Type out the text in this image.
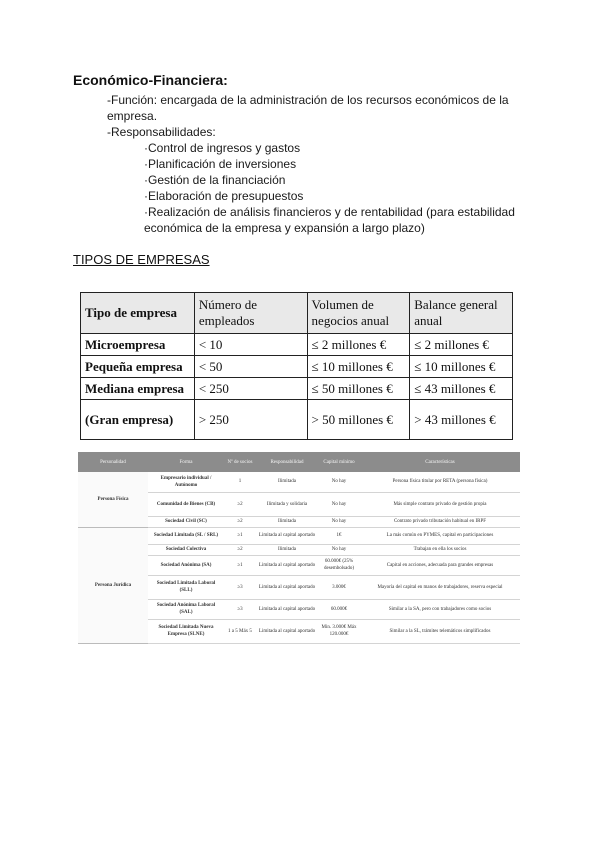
Económico-Financiera:
-Función: encargada de la administración de los recursos económicos de la empresa.
-Responsabilidades:
·Control de ingresos y gastos
·Planificación de inversiones
·Gestión de la financiación
·Elaboración de presupuestos
·Realización de análisis financieros y de rentabilidad (para estabilidad económica de la empresa y expansión a largo plazo)
TIPOS DE EMPRESAS
Tipo de empresa	Número de empleados	Volumen de negocios anual	Balance general anual
Microempresa	< 10	≤ 2 millones €	≤ 2 millones €
Pequeña empresa	< 50	≤ 10 millones €	≤ 10 millones €
Mediana empresa	< 250	≤ 50 millones €	≤ 43 millones €
(Gran empresa)	> 250	> 50 millones €	> 43 millones €
Personalidad	Forma	Nº de socios	Responsabilidad	Capital mínimo	Características
Persona Física	Empresario individual / Autónomo	1	Ilimitada	No hay	Persona física titular por RETA (persona física)
	Comunidad de Bienes (CB)	≥2	Ilimitada y solidaria	No hay	Más simple contrato privado de gestión propia
	Sociedad Civil (SC)	≥2	Ilimitada	No hay	Contrato privado tributación habitual en IRPF
Persona Jurídica	Sociedad Limitada (SL / SRL)	≥1	Limitada al capital aportado	1€	La más común en PYMES, capital en participaciones
	Sociedad Colectiva	≥2	Ilimitada	No hay	Trabajan en ella los socios
	Sociedad Anónima (SA)	≥1	Limitada al capital aportado	60.000€ (25% desembolsado)	Capital en acciones, adecuada para grandes empresas
	Sociedad Limitada Laboral (SLL)	≥3	Limitada al capital aportado	3.000€	Mayoría del capital en manos de trabajadores, reserva especial
	Sociedad Anónima Laboral (SAL)	≥3	Limitada al capital aportado	60.000€	Similar a la SA, pero con trabajadores como socios
	Sociedad Limitada Nueva Empresa (SLNE)	1 a 5 Máx 5	Limitada al capital aportado	Min. 3.000€ Máx 120.000€	Similar a la SL, trámites telemáticos simplificados
